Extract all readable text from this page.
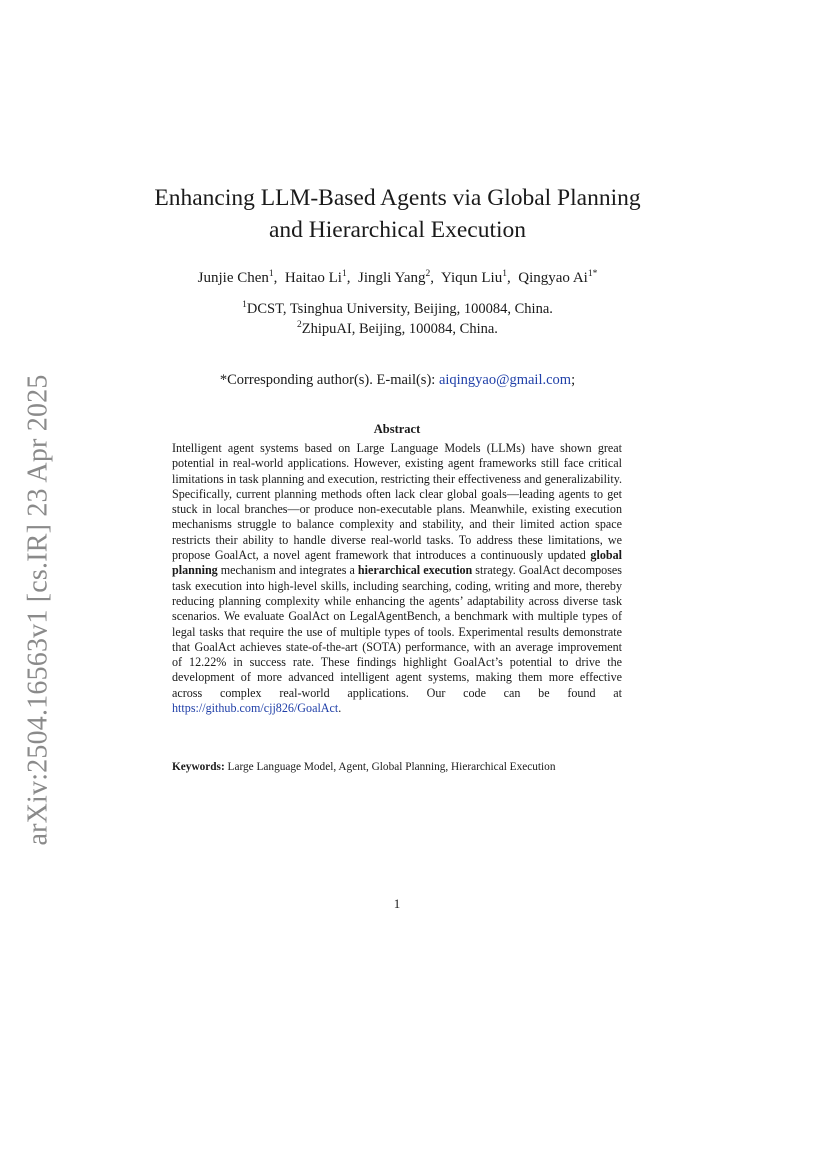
arXiv:2504.16563v1 [cs.IR] 23 Apr 2025
Enhancing LLM-Based Agents via Global Planning and Hierarchical Execution
Junjie Chen$^1$,  Haitao Li$^1$,  Jingli Yang$^2$,  Yiqun Liu$^1$,  Qingyao $Ai^{1*}$
$^1$DCST, Tsinghua University, Beijing, 100084, China.
$^2$ZhipuAI, Beijing, 100084, China.
*Corresponding author(s). E-mail(s): aiqingyao@gmail.com;
Abstract
Intelligent agent systems based on Large Language Models (LLMs) have shown great potential in real-world applications. However, existing agent frameworks still face critical limitations in task planning and execution, restricting their effectiveness and generalizability. Specifically, current planning methods often lack clear global goals—leading agents to get stuck in local branches—or produce non-executable plans. Meanwhile, existing execution mechanisms struggle to balance complexity and stability, and their limited action space restricts their ability to handle diverse real-world tasks. To address these limitations, we propose GoalAct, a novel agent framework that introduces a continuously updated global planning mechanism and integrates a hierarchical execution strategy. GoalAct decomposes task execution into high-level skills, including searching, coding, writing and more, thereby reducing planning complexity while enhancing the agents’ adaptability across diverse task scenarios. We evaluate GoalAct on LegalAgentBench, a benchmark with multiple types of legal tasks that require the use of multiple types of tools. Experimental results demonstrate that GoalAct achieves state-of-the-art (SOTA) performance, with an average improvement of 12.22% in success rate. These findings highlight GoalAct’s potential to drive the development of more advanced intelligent agent systems, making them more effective across complex real-world applications. Our code can be found at https://github.com/cjj826/GoalAct.
Keywords: Large Language Model, Agent, Global Planning, Hierarchical Execution
1
